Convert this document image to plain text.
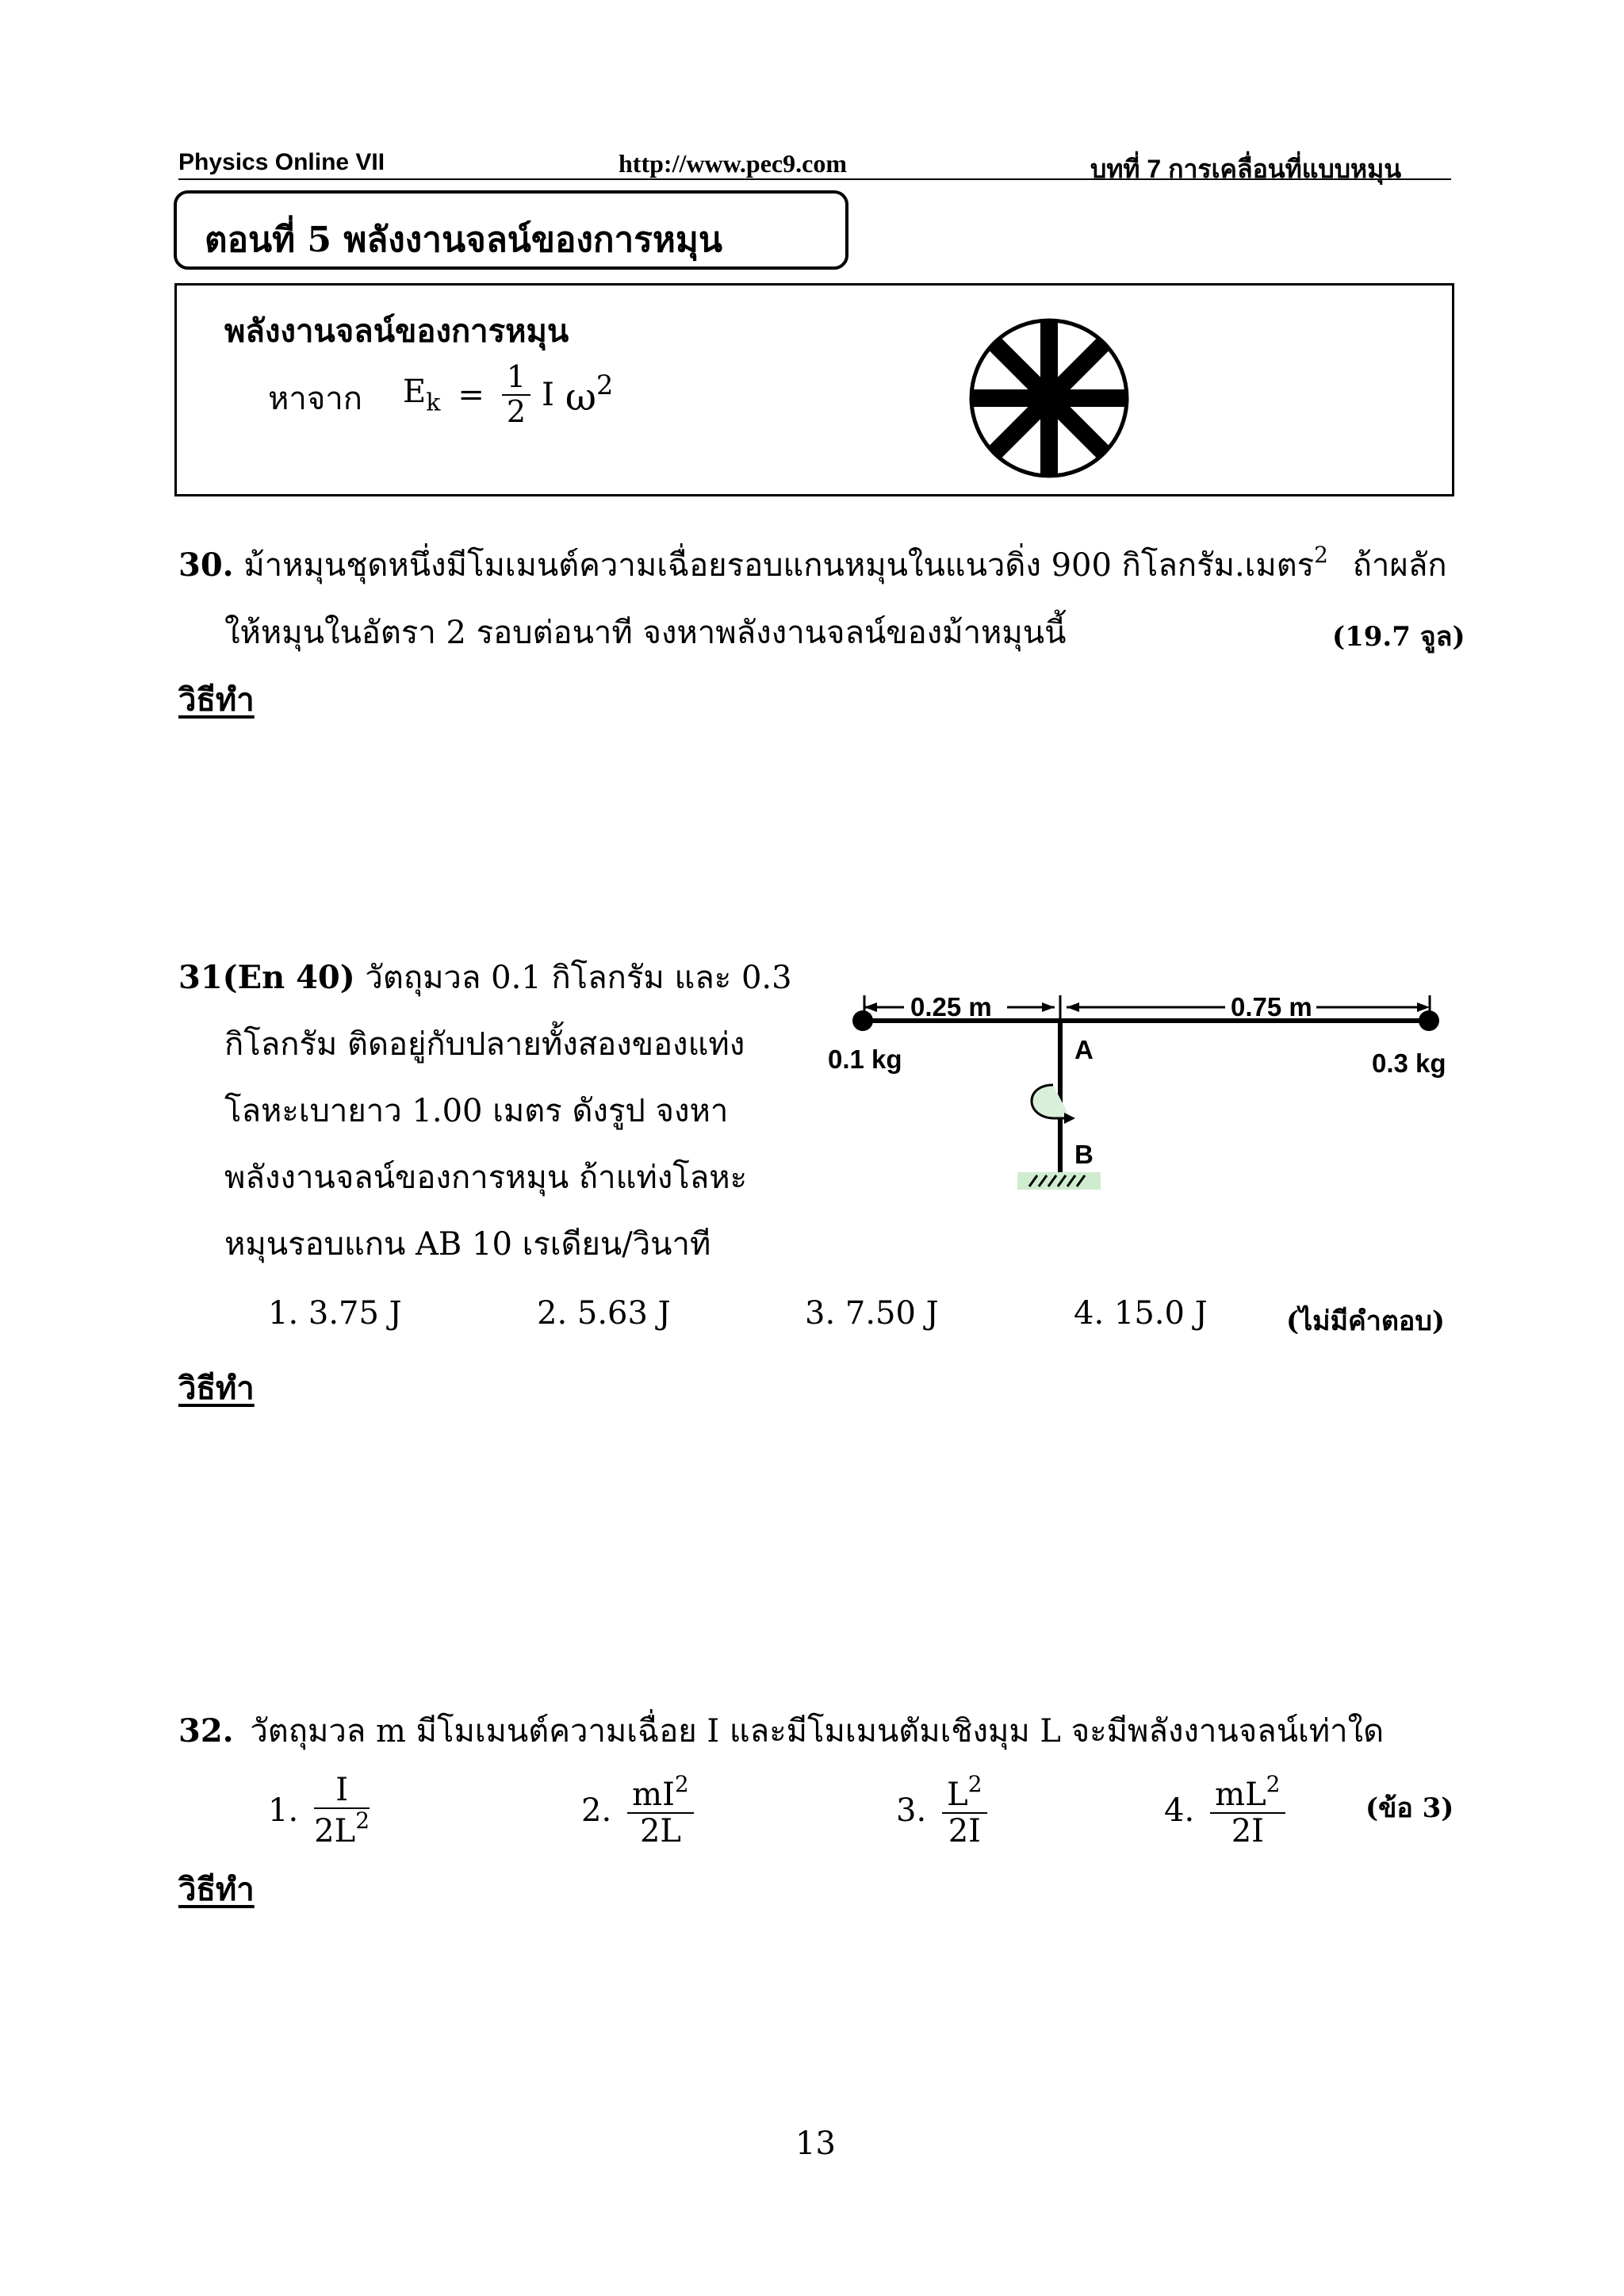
Physics Online VII	http://www.pec9.com	บทที่ 7 การเคลื่อนที่แบบหมุน
ตอนที่ 5 พลังงานจลน์ของการหมุน
พลังงานจลน์ของการหมุน
หาจาก $E_k = \frac{1}{2}$ I $\omega^2$
30. ม้าหมุนชุดหนึ่งมีโมเมนต์ความเฉื่อยรอบแกนหมุนในแนวดิ่ง 900 กิโลกรัม.เมตร$^2$ ถ้าผลัก
ให้หมุนในอัตรา 2 รอบต่อนาที จงหาพลังงานจลน์ของม้าหมุนนี้	(19.7 จูล)
วิธีทำ
31(En 40) วัตถุมวล 0.1 กิโลกรัม และ 0.3
กิโลกรัม ติดอยู่กับปลายทั้งสองของแท่ง
โลหะเบายาว 1.00 เมตร ดังรูป จงหา
พลังงานจลน์ของการหมุน ถ้าแท่งโลหะ
หมุนรอบแกน AB 10 เรเดียน/วินาที
0.25 m	0.75 m
0.1 kg	0.3 kg
A
B
1. 3.75 J	2. 5.63 J	3. 7.50 J	4. 15.0 J	(ไม่มีคำตอบ)
วิธีทำ
32. วัตถุมวล m มีโมเมนต์ความเฉื่อย I และมีโมเมนตัมเชิงมุม L จะมีพลังงานจลน์เท่าใด
1. $\frac{I}{2L^2}$	2. $\frac{mI^2}{2L}$	3. $\frac{L^2}{2I}$	4. $\frac{mL^2}{2I}$	(ข้อ 3)
วิธีทำ
13
